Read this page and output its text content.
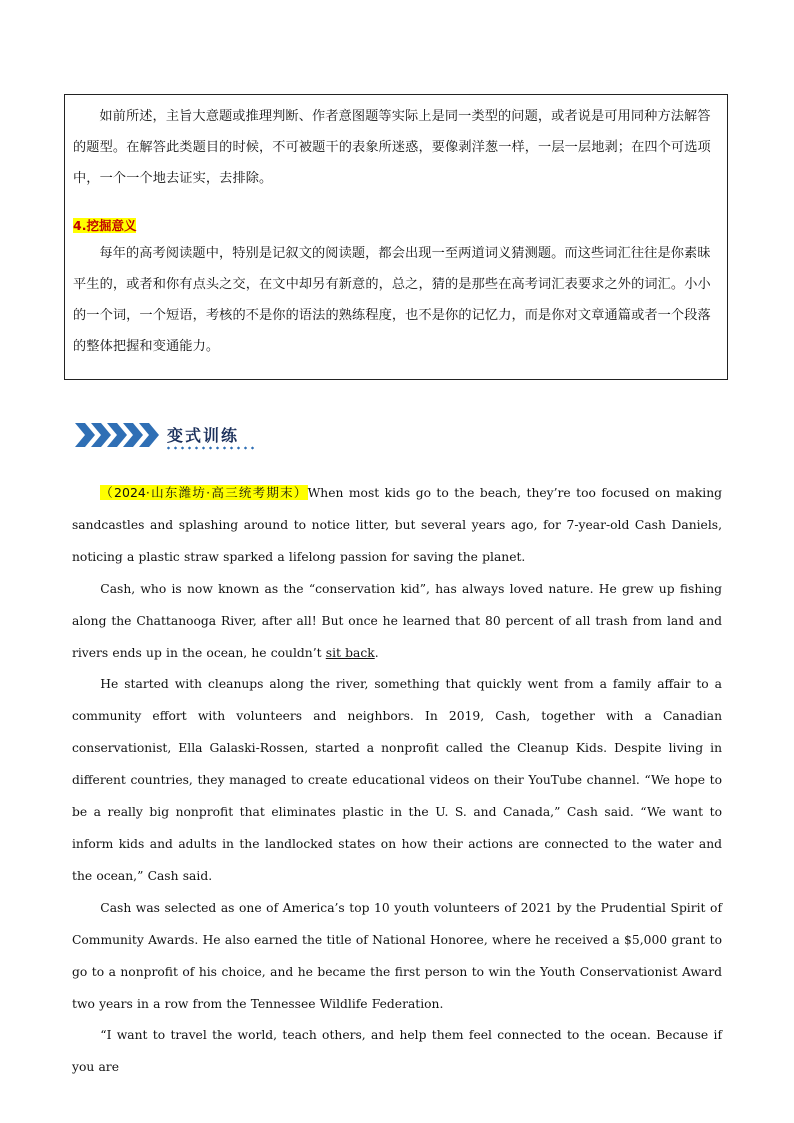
如前所述，主旨大意题或推理判断、作者意图题等实际上是同一类型的问题，或者说是可用同种方法解答的题型。在解答此类题目的时候，不可被题干的表象所迷惑，要像剥洋葱一样，一层一层地剥；在四个可选项中，一个一个地去证实，去排除。

4.挖掘意义

每年的高考阅读题中，特别是记叙文的阅读题，都会出现一至两道词义猜测题。而这些词汇往往是你素昧平生的，或者和你有点头之交，在文中却另有新意的，总之，猜的是那些在高考词汇表要求之外的词汇。小小的一个词，一个短语，考核的不是你的语法的熟练程度，也不是你的记忆力，而是你对文章通篇或者一个段落的整体把握和变通能力。

变式训练

（2024·山东潍坊·高三统考期末）When most kids go to the beach, they’re too focused on making sandcastles and splashing around to notice litter, but several years ago, for 7-year-old Cash Daniels, noticing a plastic straw sparked a lifelong passion for saving the planet.

Cash, who is now known as the “conservation kid”, has always loved nature. He grew up fishing along the Chattanooga River, after all! But once he learned that 80 percent of all trash from land and rivers ends up in the ocean, he couldn’t sit back.

He started with cleanups along the river, something that quickly went from a family affair to a community effort with volunteers and neighbors. In 2019, Cash, together with a Canadian conservationist, Ella Galaski-Rossen, started a nonprofit called the Cleanup Kids. Despite living in different countries, they managed to create educational videos on their YouTube channel. “We hope to be a really big nonprofit that eliminates plastic in the U. S. and Canada,” Cash said. “We want to inform kids and adults in the landlocked states on how their actions are connected to the water and the ocean,” Cash said.

Cash was selected as one of America’s top 10 youth volunteers of 2021 by the Prudential Spirit of Community Awards. He also earned the title of National Honoree, where he received a $5,000 grant to go to a nonprofit of his choice, and he became the first person to win the Youth Conservationist Award two years in a row from the Tennessee Wildlife Federation.

“I want to travel the world, teach others, and help them feel connected to the ocean. Because if you are
